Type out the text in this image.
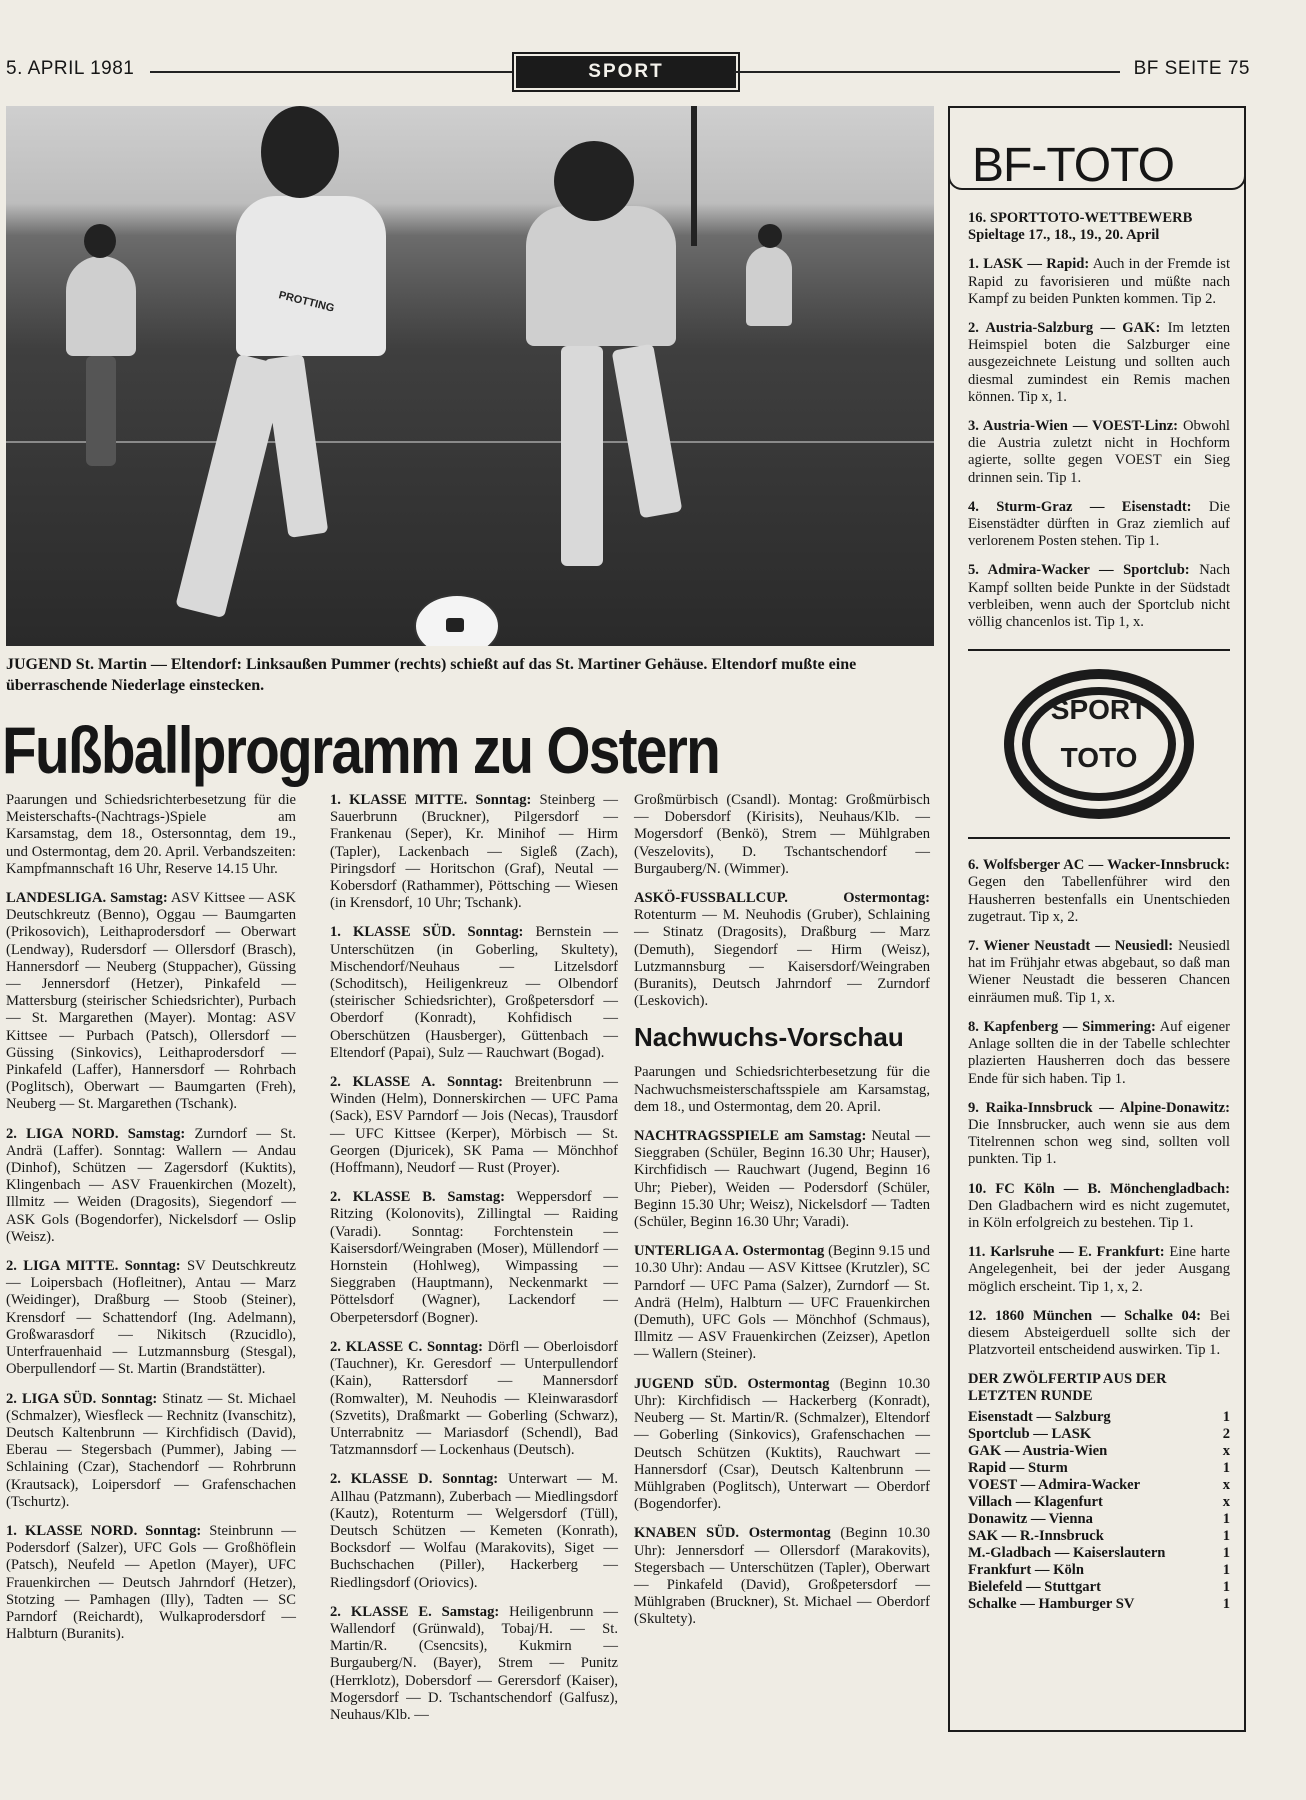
5. APRIL 1981	SPORT	BF SEITE 75
PROTTING
JUGEND St. Martin — Eltendorf: Linksaußen Pummer (rechts) schießt auf das St. Martiner Gehäuse. Eltendorf mußte eine überraschende Niederlage einstecken.
Fußballprogramm zu Ostern

Paarungen und Schiedsrichterbesetzung für die Meisterschafts-(Nachtrags-)Spiele am Karsamstag, dem 18., Ostersonntag, dem 19., und Ostermontag, dem 20. April. Verbandszeiten: Kampfmannschaft 16 Uhr, Reserve 14.15 Uhr.

LANDESLIGA. Samstag: ASV Kittsee — ASK Deutschkreutz (Benno), Oggau — Baumgarten (Prikosovich), Leithaprodersdorf — Oberwart (Lendway), Rudersdorf — Ollersdorf (Brasch), Hannersdorf — Neuberg (Stuppacher), Güssing — Jennersdorf (Hetzer), Pinkafeld — Mattersburg (steirischer Schiedsrichter), Purbach — St. Margarethen (Mayer). Montag: ASV Kittsee — Purbach (Patsch), Ollersdorf — Güssing (Sinkovics), Leithaprodersdorf — Pinkafeld (Laffer), Hannersdorf — Rohrbach (Poglitsch), Oberwart — Baumgarten (Freh), Neuberg — St. Margarethen (Tschank).

2. LIGA NORD. Samstag: Zurndorf — St. Andrä (Laffer). Sonntag: Wallern — Andau (Dinhof), Schützen — Zagersdorf (Kuktits), Klingenbach — ASV Frauenkirchen (Mozelt), Illmitz — Weiden (Dragosits), Siegendorf — ASK Gols (Bogendorfer), Nickelsdorf — Oslip (Weisz).

2. LIGA MITTE. Sonntag: SV Deutschkreutz — Loipersbach (Hofleitner), Antau — Marz (Weidinger), Draßburg — Stoob (Steiner), Krensdorf — Schattendorf (Ing. Adelmann), Großwarasdorf — Nikitsch (Rzucidlo), Unterfrauenhaid — Lutzmannsburg (Stesgal), Oberpullendorf — St. Martin (Brandstätter).

2. LIGA SÜD. Sonntag: Stinatz — St. Michael (Schmalzer), Wiesfleck — Rechnitz (Ivanschitz), Deutsch Kaltenbrunn — Kirchfidisch (David), Eberau — Stegersbach (Pummer), Jabing — Schlaining (Czar), Stachendorf — Rohrbrunn (Krautsack), Loipersdorf — Grafenschachen (Tschurtz).

1. KLASSE NORD. Sonntag: Steinbrunn — Podersdorf (Salzer), UFC Gols — Großhöflein (Patsch), Neufeld — Apetlon (Mayer), UFC Frauenkirchen — Deutsch Jahrndorf (Hetzer), Stotzing — Pamhagen (Illy), Tadten — SC Parndorf (Reichardt), Wulkaprodersdorf — Halbturn (Buranits).

1. KLASSE MITTE. Sonntag: Steinberg — Sauerbrunn (Bruckner), Pilgersdorf — Frankenau (Seper), Kr. Minihof — Hirm (Tapler), Lackenbach — Sigleß (Zach), Piringsdorf — Horitschon (Graf), Neutal — Kobersdorf (Rathammer), Pöttsching — Wiesen (in Krensdorf, 10 Uhr; Tschank).

1. KLASSE SÜD. Sonntag: Bernstein — Unterschützen (in Goberling, Skultety), Mischendorf/Neuhaus — Litzelsdorf (Schoditsch), Heiligenkreuz — Olbendorf (steirischer Schiedsrichter), Großpetersdorf — Oberdorf (Konradt), Kohfidisch — Oberschützen (Hausberger), Güttenbach — Eltendorf (Papai), Sulz — Rauchwart (Bogad).

2. KLASSE A. Sonntag: Breitenbrunn — Winden (Helm), Donnerskirchen — UFC Pama (Sack), ESV Parndorf — Jois (Necas), Trausdorf — UFC Kittsee (Kerper), Mörbisch — St. Georgen (Djuricek), SK Pama — Mönchhof (Hoffmann), Neudorf — Rust (Proyer).

2. KLASSE B. Samstag: Weppersdorf — Ritzing (Kolonovits), Zillingtal — Raiding (Varadi). Sonntag: Forchtenstein — Kaisersdorf/Weingraben (Moser), Müllendorf — Hornstein (Hohlweg), Wimpassing — Sieggraben (Hauptmann), Neckenmarkt — Pöttelsdorf (Wagner), Lackendorf — Oberpetersdorf (Bogner).

2. KLASSE C. Sonntag: Dörfl — Oberloisdorf (Tauchner), Kr. Geresdorf — Unterpullendorf (Kain), Rattersdorf — Mannersdorf (Romwalter), M. Neuhodis — Kleinwarasdorf (Szvetits), Draßmarkt — Goberling (Schwarz), Unterrabnitz — Mariasdorf (Schendl), Bad Tatzmannsdorf — Lockenhaus (Deutsch).

2. KLASSE D. Sonntag: Unterwart — M. Allhau (Patzmann), Zuberbach — Miedlingsdorf (Kautz), Rotenturm — Welgersdorf (Tüll), Deutsch Schützen — Kemeten (Konrath), Bocksdorf — Wolfau (Marakovits), Siget — Buchschachen (Piller), Hackerberg — Riedlingsdorf (Oriovics).

2. KLASSE E. Samstag: Heiligenbrunn — Wallendorf (Grünwald), Tobaj/H. — St. Martin/R. (Csencsits), Kukmirn — Burgauberg/N. (Bayer), Strem — Punitz (Herrklotz), Dobersdorf — Gerersdorf (Kaiser), Mogersdorf — D. Tschantschendorf (Galfusz), Neuhaus/Klb. —

Großmürbisch (Csandl). Montag: Großmürbisch — Dobersdorf (Kirisits), Neuhaus/Klb. — Mogersdorf (Benkö), Strem — Mühlgraben (Veszelovits), D. Tschantschendorf — Burgauberg/N. (Wimmer).

ASKÖ-FUSSBALLCUP. Ostermontag: Rotenturm — M. Neuhodis (Gruber), Schlaining — Stinatz (Dragosits), Draßburg — Marz (Demuth), Siegendorf — Hirm (Weisz), Lutzmannsburg — Kaisersdorf/Weingraben (Buranits), Deutsch Jahrndorf — Zurndorf (Leskovich).

Nachwuchs-Vorschau

Paarungen und Schiedsrichterbesetzung für die Nachwuchsmeisterschaftsspiele am Karsamstag, dem 18., und Ostermontag, dem 20. April.

NACHTRAGSSPIELE am Samstag: Neutal — Sieggraben (Schüler, Beginn 16.30 Uhr; Hauser), Kirchfidisch — Rauchwart (Jugend, Beginn 16 Uhr; Pieber), Weiden — Podersdorf (Schüler, Beginn 15.30 Uhr; Weisz), Nickelsdorf — Tadten (Schüler, Beginn 16.30 Uhr; Varadi).

UNTERLIGA A. Ostermontag (Beginn 9.15 und 10.30 Uhr): Andau — ASV Kittsee (Krutzler), SC Parndorf — UFC Pama (Salzer), Zurndorf — St. Andrä (Helm), Halbturn — UFC Frauenkirchen (Demuth), UFC Gols — Mönchhof (Schmaus), Illmitz — ASV Frauenkirchen (Zeizser), Apetlon — Wallern (Steiner).

JUGEND SÜD. Ostermontag (Beginn 10.30 Uhr): Kirchfidisch — Hackerberg (Konradt), Neuberg — St. Martin/R. (Schmalzer), Eltendorf — Goberling (Sinkovics), Grafenschachen — Deutsch Schützen (Kuktits), Rauchwart — Hannersdorf (Csar), Deutsch Kaltenbrunn — Mühlgraben (Poglitsch), Unterwart — Oberdorf (Bogendorfer).

KNABEN SÜD. Ostermontag (Beginn 10.30 Uhr): Jennersdorf — Ollersdorf (Marakovits), Stegersbach — Unterschützen (Tapler), Oberwart — Pinkafeld (David), Großpetersdorf — Mühlgraben (Bruckner), St. Michael — Oberdorf (Skultety).

BF-TOTO
16. SPORTTOTO-WETTBEWERB
Spieltage 17., 18., 19., 20. April

1. LASK — Rapid: Auch in der Fremde ist Rapid zu favorisieren und müßte nach Kampf zu beiden Punkten kommen. Tip 2.

2. Austria-Salzburg — GAK: Im letzten Heimspiel boten die Salzburger eine ausgezeichnete Leistung und sollten auch diesmal zumindest ein Remis machen können. Tip x, 1.

3. Austria-Wien — VOEST-Linz: Obwohl die Austria zuletzt nicht in Hochform agierte, sollte gegen VOEST ein Sieg drinnen sein. Tip 1.

4. Sturm-Graz — Eisenstadt: Die Eisenstädter dürften in Graz ziemlich auf verlorenem Posten stehen. Tip 1.

5. Admira-Wacker — Sportclub: Nach Kampf sollten beide Punkte in der Südstadt verbleiben, wenn auch der Sportclub nicht völlig chancenlos ist. Tip 1, x.

SPORT
TOTO

6. Wolfsberger AC — Wacker-Innsbruck: Gegen den Tabellenführer wird den Hausherren bestenfalls ein Unentschieden zugetraut. Tip x, 2.

7. Wiener Neustadt — Neusiedl: Neusiedl hat im Frühjahr etwas abgebaut, so daß man Wiener Neustadt die besseren Chancen einräumen muß. Tip 1, x.

8. Kapfenberg — Simmering: Auf eigener Anlage sollten die in der Tabelle schlechter plazierten Hausherren doch das bessere Ende für sich haben. Tip 1.

9. Raika-Innsbruck — Alpine-Donawitz: Die Innsbrucker, auch wenn sie aus dem Titelrennen schon weg sind, sollten voll punkten. Tip 1.

10. FC Köln — B. Mönchengladbach: Den Gladbachern wird es nicht zugemutet, in Köln erfolgreich zu bestehen. Tip 1.

11. Karlsruhe — E. Frankfurt: Eine harte Angelegenheit, bei der jeder Ausgang möglich erscheint. Tip 1, x, 2.

12. 1860 München — Schalke 04: Bei diesem Absteigerduell sollte sich der Platzvorteil entscheidend auswirken. Tip 1.

DER ZWÖLFERTIP AUS DER
LETZTEN RUNDE
Eisenstadt — Salzburg	1
Sportclub — LASK	2
GAK — Austria-Wien	x
Rapid — Sturm	1
VOEST — Admira-Wacker	x
Villach — Klagenfurt	x
Donawitz — Vienna	1
SAK — R.-Innsbruck	1
M.-Gladbach — Kaiserslautern	1
Frankfurt — Köln	1
Bielefeld — Stuttgart	1
Schalke — Hamburger SV	1
